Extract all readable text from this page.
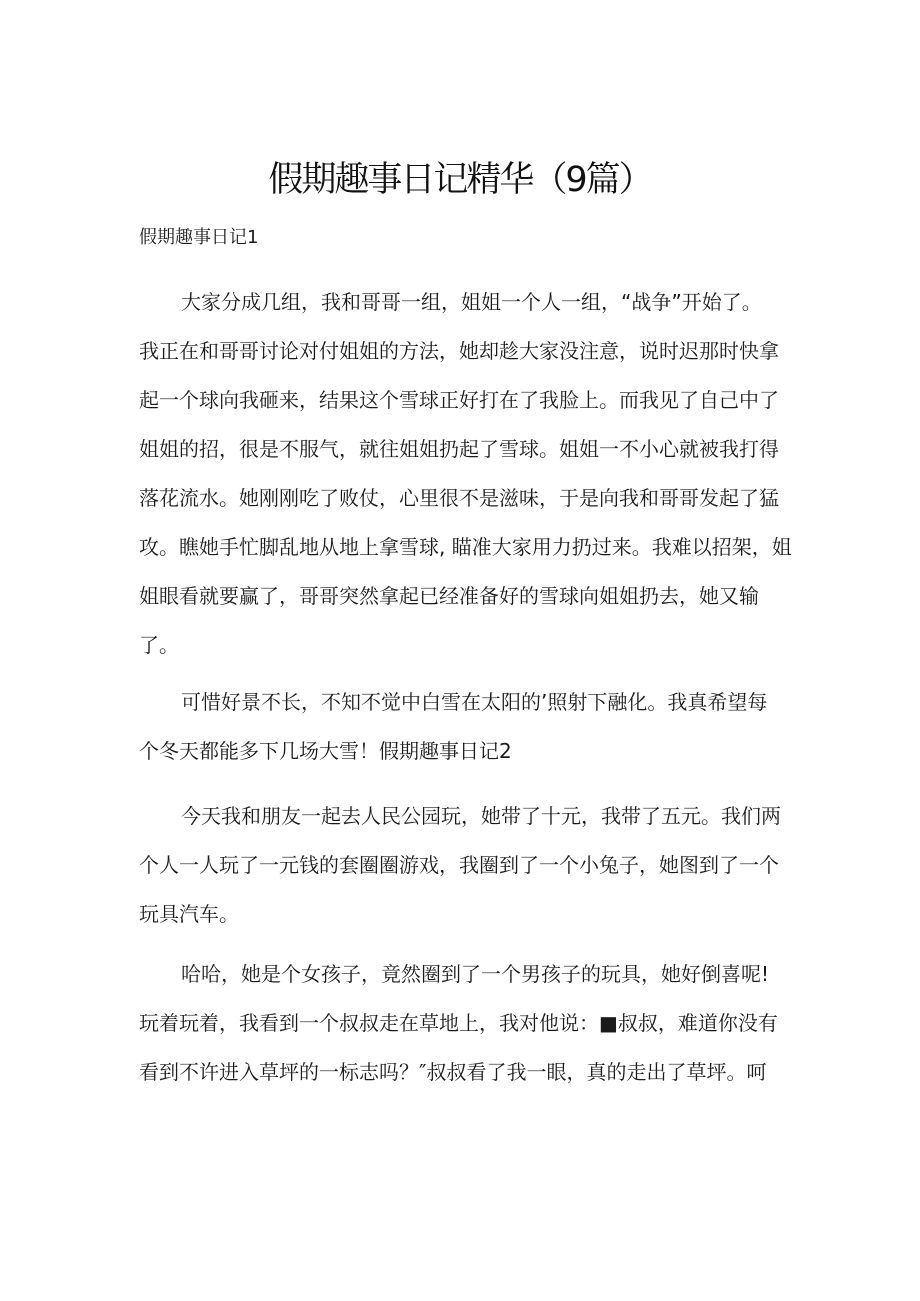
假期趣事日记精华（9篇）
假期趣事日记1

大家分成几组，我和哥哥一组，姐姐一个人一组，“战争”开始了。
我正在和哥哥讨论对付姐姐的方法，她却趁大家没注意，说时迟那时快拿
起一个球向我砸来，结果这个雪球正好打在了我脸上。而我见了自己中了
姐姐的招，很是不服气，就往姐姐扔起了雪球。姐姐一不小心就被我打得
落花流水。她刚刚吃了败仗，心里很不是滋味，于是向我和哥哥发起了猛
攻。瞧她手忙脚乱地从地上拿雪球, 瞄准大家用力扔过来。我难以招架，姐
姐眼看就要赢了，哥哥突然拿起已经准备好的雪球向姐姐扔去，她又输
了。

可惜好景不长，不知不觉中白雪在太阳的’照射下融化。我真希望每
个冬天都能多下几场大雪！假期趣事日记2

今天我和朋友一起去人民公园玩，她带了十元，我带了五元。我们两
个人一人玩了一元钱的套圈圈游戏，我圈到了一个小兔子，她图到了一个
玩具汽车。

哈哈，她是个女孩子，竟然圈到了一个男孩子的玩具，她好倒喜呢!
玩着玩着，我看到一个叔叔走在草地上，我对他说：■叔叔，难道你没有
看到不许进入草坪的一标志吗？″叔叔看了我一眼，真的走出了草坪。呵
